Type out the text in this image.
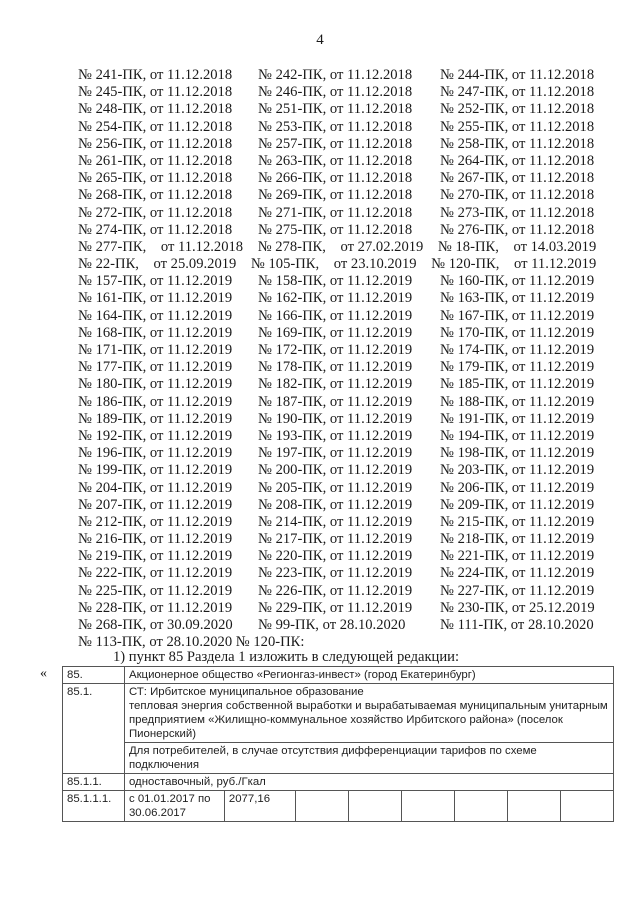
4
№ 241-ПК, от 11.12.2018 № 242-ПК, от 11.12.2018 № 244-ПК, от 11.12.2018
№ 245-ПК, от 11.12.2018 № 246-ПК, от 11.12.2018 № 247-ПК, от 11.12.2018
№ 248-ПК, от 11.12.2018 № 251-ПК, от 11.12.2018 № 252-ПК, от 11.12.2018
№ 254-ПК, от 11.12.2018 № 253-ПК, от 11.12.2018 № 255-ПК, от 11.12.2018
№ 256-ПК, от 11.12.2018 № 257-ПК, от 11.12.2018 № 258-ПК, от 11.12.2018
№ 261-ПК, от 11.12.2018 № 263-ПК, от 11.12.2018 № 264-ПК, от 11.12.2018
№ 265-ПК, от 11.12.2018 № 266-ПК, от 11.12.2018 № 267-ПК, от 11.12.2018
№ 268-ПК, от 11.12.2018 № 269-ПК, от 11.12.2018 № 270-ПК, от 11.12.2018
№ 272-ПК, от 11.12.2018 № 271-ПК, от 11.12.2018 № 273-ПК, от 11.12.2018
№ 274-ПК, от 11.12.2018 № 275-ПК, от 11.12.2018 № 276-ПК, от 11.12.2018
№ 277-ПК,    от 11.12.2018    № 278-ПК,    от 27.02.2019    № 18-ПК,    от 14.03.2019
№ 22-ПК,    от 25.09.2019    № 105-ПК,    от 23.10.2019    № 120-ПК,    от 11.12.2019
№ 157-ПК, от 11.12.2019 № 158-ПК, от 11.12.2019 № 160-ПК, от 11.12.2019
№ 161-ПК, от 11.12.2019 № 162-ПК, от 11.12.2019 № 163-ПК, от 11.12.2019
№ 164-ПК, от 11.12.2019 № 166-ПК, от 11.12.2019 № 167-ПК, от 11.12.2019
№ 168-ПК, от 11.12.2019 № 169-ПК, от 11.12.2019 № 170-ПК, от 11.12.2019
№ 171-ПК, от 11.12.2019 № 172-ПК, от 11.12.2019 № 174-ПК, от 11.12.2019
№ 177-ПК, от 11.12.2019 № 178-ПК, от 11.12.2019 № 179-ПК, от 11.12.2019
№ 180-ПК, от 11.12.2019 № 182-ПК, от 11.12.2019 № 185-ПК, от 11.12.2019
№ 186-ПК, от 11.12.2019 № 187-ПК, от 11.12.2019 № 188-ПК, от 11.12.2019
№ 189-ПК, от 11.12.2019 № 190-ПК, от 11.12.2019 № 191-ПК, от 11.12.2019
№ 192-ПК, от 11.12.2019 № 193-ПК, от 11.12.2019 № 194-ПК, от 11.12.2019
№ 196-ПК, от 11.12.2019 № 197-ПК, от 11.12.2019 № 198-ПК, от 11.12.2019
№ 199-ПК, от 11.12.2019 № 200-ПК, от 11.12.2019 № 203-ПК, от 11.12.2019
№ 204-ПК, от 11.12.2019 № 205-ПК, от 11.12.2019 № 206-ПК, от 11.12.2019
№ 207-ПК, от 11.12.2019 № 208-ПК, от 11.12.2019 № 209-ПК, от 11.12.2019
№ 212-ПК, от 11.12.2019 № 214-ПК, от 11.12.2019 № 215-ПК, от 11.12.2019
№ 216-ПК, от 11.12.2019 № 217-ПК, от 11.12.2019 № 218-ПК, от 11.12.2019
№ 219-ПК, от 11.12.2019 № 220-ПК, от 11.12.2019 № 221-ПК, от 11.12.2019
№ 222-ПК, от 11.12.2019 № 223-ПК, от 11.12.2019 № 224-ПК, от 11.12.2019
№ 225-ПК, от 11.12.2019 № 226-ПК, от 11.12.2019 № 227-ПК, от 11.12.2019
№ 228-ПК, от 11.12.2019 № 229-ПК, от 11.12.2019 № 230-ПК, от 25.12.2019
№ 268-ПК, от 30.09.2020 № 99-ПК, от 28.10.2020 № 111-ПК, от 28.10.2020
№ 113-ПК, от 28.10.2020 № 120-ПК:
1) пункт 85 Раздела 1 изложить в следующей редакции:
« 85.	Акционерное общество «Регионгаз-инвест» (город Екатеринбург)	
85.1.	СТ: Ирбитское муниципальное образование
тепловая энергия собственной выработки и вырабатываемая муниципальным унитарным предприятием «Жилищно-коммунальное хозяйство Ирбитского района» (поселок Пионерский)	

	Для потребителей, в случае отсутствия дифференциации тарифов по схеме подключения	
85.1.1.	одноставочный, руб./Гкал	
85.1.1.1.	с 01.01.2017 по 30.06.2017	2077,16
